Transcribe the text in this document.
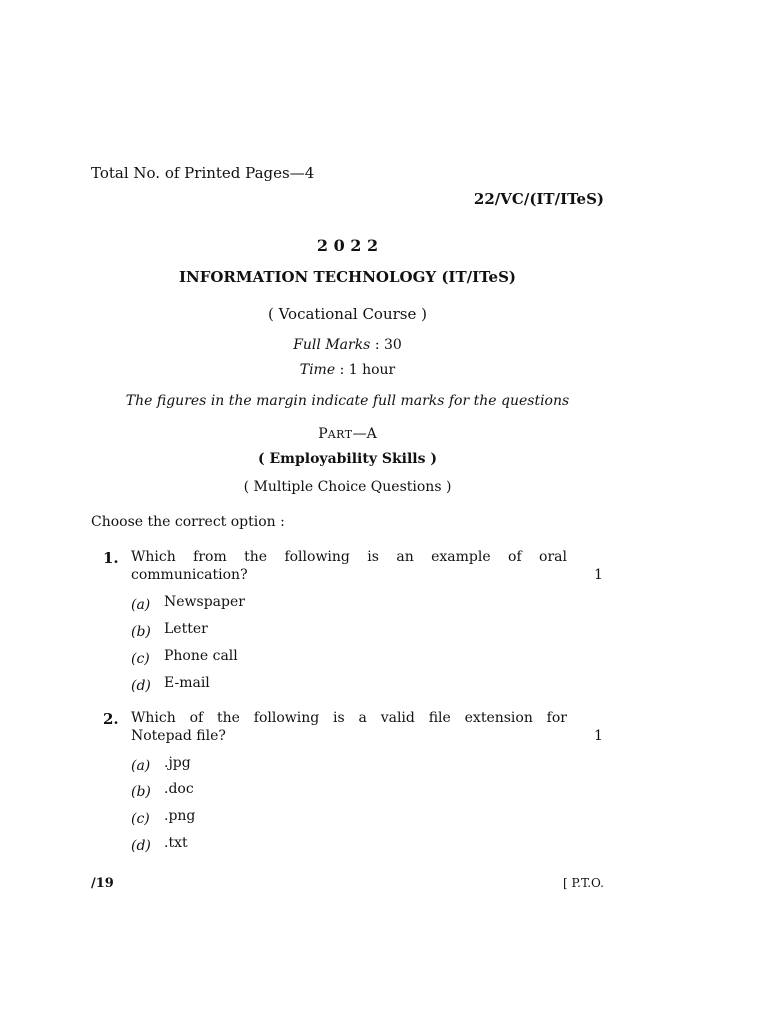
Total No. of Printed Pages—4
22/VC/(IT/ITeS)
2 0 2 2
INFORMATION TECHNOLOGY (IT/ITeS)
( Vocational Course )
Full Marks : 30
Time : 1 hour
The figures in the margin indicate full marks for the questions
PART—A
( Employability Skills )
( Multiple Choice Questions )
Choose the correct option :
1. Which from the following is an example of oral
communication?	1
(a) Newspaper
(b) Letter
(c) Phone call
(d) E-mail
2. Which of the following is a valid file extension for
Notepad file?	1
(a) .jpg
(b) .doc
(c) .png
(d) .txt
/19	[ P.T.O.
